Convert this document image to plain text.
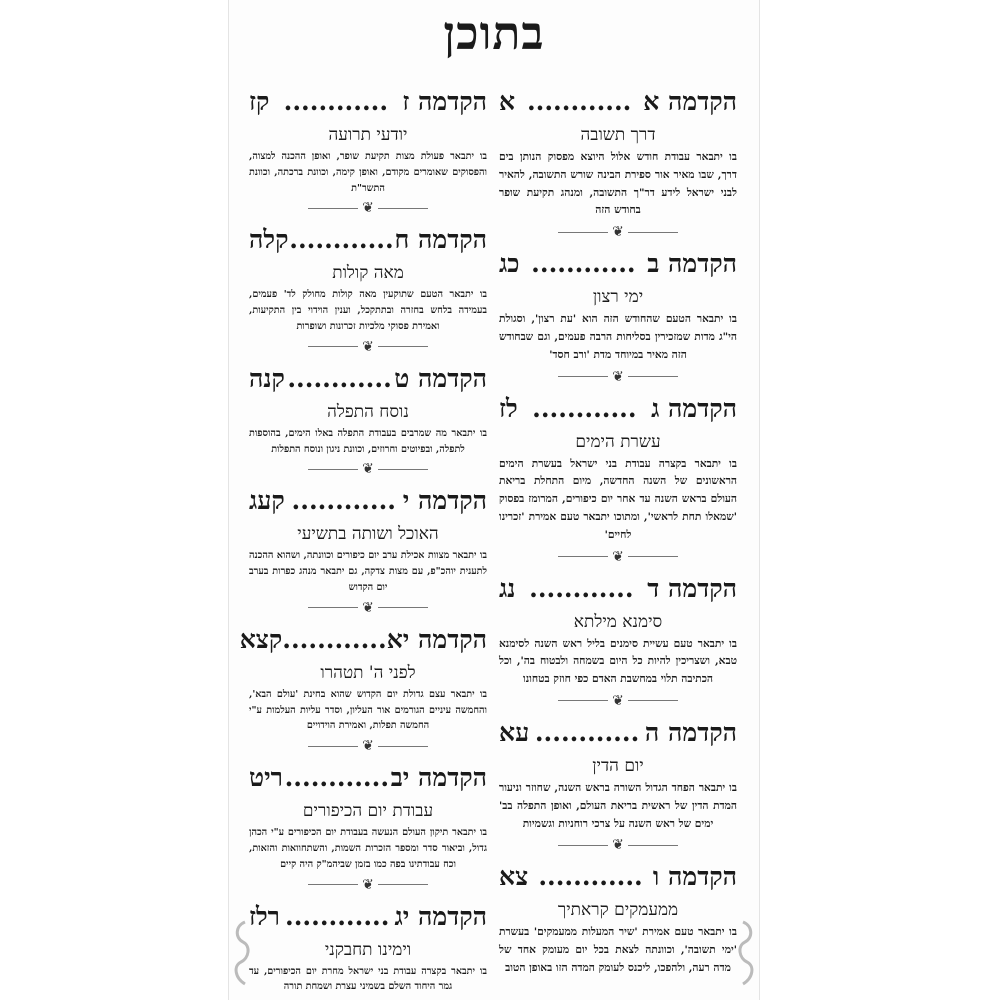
בתוכן
הקדמה א
............
א
דרך תשובה
בו יתבאר עבודת חודש אלול היוצא מפסוק הנותן בים דרך, שבו מאיר אור ספירת הבינה שורש התשובה, להאיר לבני ישראל לידע דר"ך התשובה, ומנהג תקיעת שופר בחודש הזה
❦
הקדמה ב
............
כג
ימי רצון
בו יתבאר הטעם שהחודש הזה הוא 'עת רצון', וסגולת הי"ג מדות שמזכירין בסליחות הרבה פעמים, וגם שבחודש הזה מאיר במיוחד מדת 'ורב חסד'
❦
הקדמה ג
............
לז
עשרת הימים
בו יתבאר בקצרה עבודת בני ישראל בעשרת הימים הראשונים של השנה החדשה, מיום התחלת בריאת העולם בראש השנה עד אחר יום כיפורים, המרומז בפסוק 'שמאלו תחת לראשי', ומתוכו יתבאר טעם אמירת 'זכרינו לחיים'
❦
הקדמה ד
............
נג
סימנא מילתא
בו יתבאר טעם עשיית סימנים בליל ראש השנה לסימנא טבא, ושצריכין להיות כל היום בשמחה ולבטוח בה', וכל הכתיבה תלוי במחשבת האדם כפי חוזק בטחונו
❦
הקדמה ה
............
עא
יום הדין
בו יתבאר הפחד הגדול השורה בראש השנה, שחוזר וניעור המדת הדין של ראשית בריאת העולם, ואופן התפלה בב' ימים של ראש השנה על צרכי רוחניות וגשמיות
❦
הקדמה ו
............
צא
ממעמקים קראתיך
בו יתבאר טעם אמירת 'שיר המעלות ממעמקים' בעשרת 'ימי תשובה', וכוונתה לצאת בכל יום מעומק אחד של מדה רעה, ולהפכו, ליכנס לעומק המדה הזו באופן הטוב
הקדמה ז
............
קז
יודעי תרועה
בו יתבאר פעולת מצות תקיעת שופר, ואופן ההכנה למצוה, והפסוקים שאומרים מקודם, ואופן קימה, וכוונת ברכתה, וכוונת התשר"ת
❦
הקדמה ח
............
קלה
מאה קולות
בו יתבאר הטעם שתוקעין מאה קולות מחולק לד' פעמים, בעמידה בלחש בחזרה ובתתקכל, וענין הוידוי בין התקיעות, ואמירת פסוקי מלכיות זכרונות ושופרות
❦
הקדמה ט
............
קנה
נוסח התפלה
בו יתבאר מה שמרבים בעבודת התפלה באלו הימים, בהוספות לתפלה, ובפיוטים וחרוזים, וכוונת ניגון ונוסח התפלות
❦
הקדמה י
............
קעג
האוכל ושותה בתשיעי
בו יתבאר מצוות אכילת ערב יום כיפורים וכוונתה, ושהוא ההכנה לתענית יוהכ"פ, עם מצות צדקה, גם יתבאר מנהג כפרות בערב יום הקדוש
❦
הקדמה יא
............
קצא
לפני ה' תטהרו
בו יתבאר עצם גדולת יום הקדוש שהוא בחינת 'עולם הבא', והחמשה עיניים הגורמים אור העליון, וסדר עליות העלמות ע"י החמשה תפלות, ואמירת הוידויים
❦
הקדמה יב
............
ריט
עבודת יום הכיפורים
בו יתבאר תיקון העולם הנעשה בעבודת יום הכיפורים ע"י הכהן גדול, וביאור סדר ומספר הזכרות השמות, והשתחוואות והזאות, וכח עבודתינו בפה כמו בזמן שביהמ"ק היה קיים
❦
הקדמה יג
............
רלז
וימינו תחבקני
בו יתבאר בקצרה עבודת בני ישראל מחרת יום הכיפורים, עד גמר היחוד השלם בשמיני עצרת ושמחת תורה
